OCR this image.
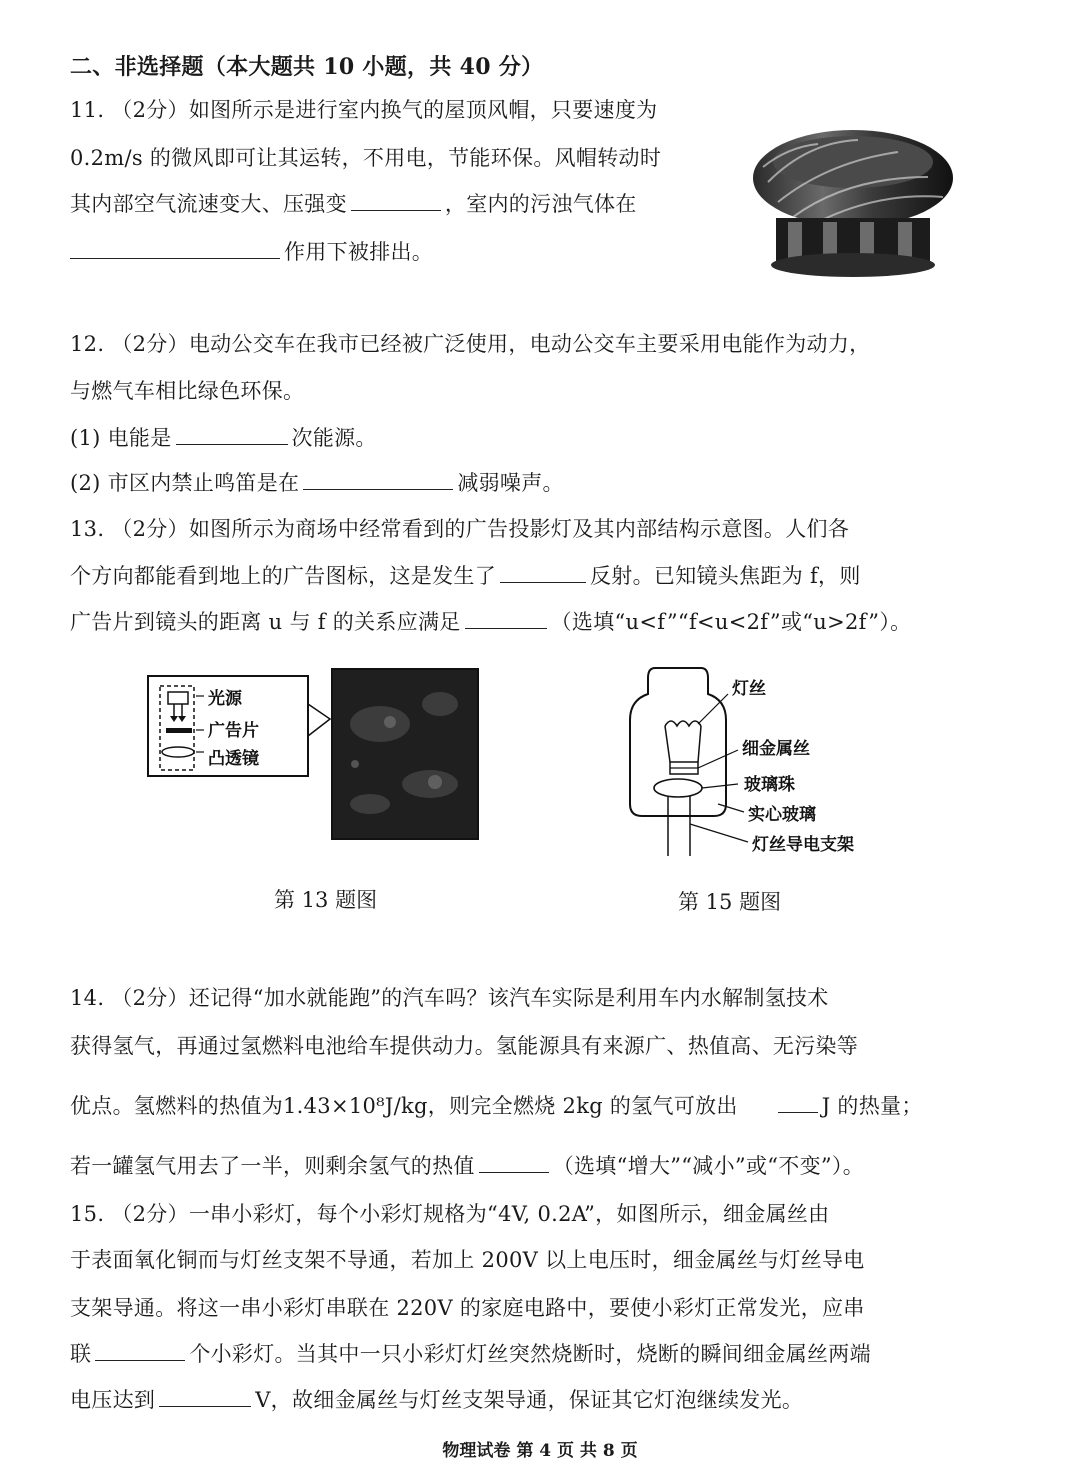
二、非选择题（本大题共 10 小题，共 40 分）
11. （2分）如图所示是进行室内换气的屋顶风帽，只要速度为
0.2m/s 的微风即可让其运转，不用电，节能环保。风帽转动时
其内部空气流速变大、压强变	，室内的污浊气体在
作用下被排出。
12. （2分）电动公交车在我市已经被广泛使用，电动公交车主要采用电能作为动力，
与燃气车相比绿色环保。
(1) 电能是	次能源。
(2) 市区内禁止鸣笛是在	减弱噪声。
13. （2分）如图所示为商场中经常看到的广告投影灯及其内部结构示意图。人们各
个方向都能看到地上的广告图标，这是发生了	反射。已知镜头焦距为 f，则
广告片到镜头的距离 u 与 f 的关系应满足	（选填“u<f”“f<u<2f”或“u>2f”）。
光源
广告片
凸透镜
灯丝
细金属丝
玻璃珠
实心玻璃
灯丝导电支架
第 13 题图	第 15 题图
14. （2分）还记得“加水就能跑”的汽车吗？该汽车实际是利用车内水解制氢技术
获得氢气，再通过氢燃料电池给车提供动力。氢能源具有来源广、热值高、无污染等
优点。氢燃料的热值为1.43×10⁸J/kg，则完全燃烧 2kg 的氢气可放出	J 的热量；
若一罐氢气用去了一半，则剩余氢气的热值	（选填“增大”“减小”或“不变”）。
15. （2分）一串小彩灯，每个小彩灯规格为“4V, 0.2A”，如图所示，细金属丝由
于表面氧化铜而与灯丝支架不导通，若加上 200V 以上电压时，细金属丝与灯丝导电
支架导通。将这一串小彩灯串联在 220V 的家庭电路中，要使小彩灯正常发光，应串
联	个小彩灯。当其中一只小彩灯灯丝突然烧断时，烧断的瞬间细金属丝两端
电压达到	V，故细金属丝与灯丝支架导通，保证其它灯泡继续发光。
物理试卷 第 4 页 共 8 页
